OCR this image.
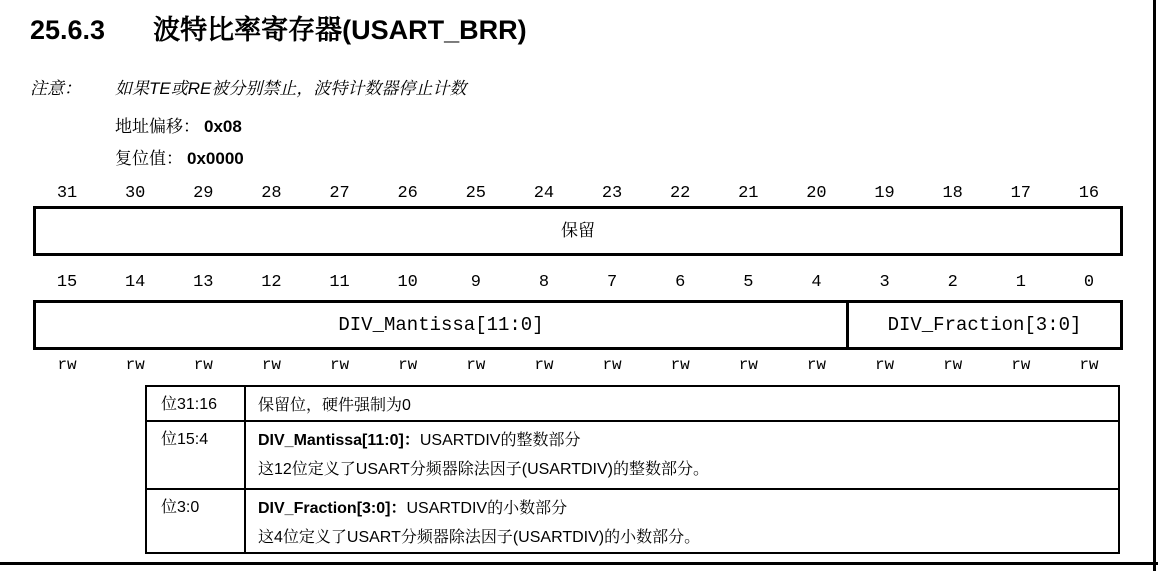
25.6.3 波特比率寄存器(USART_BRR)
注意： 如果TE或RE被分别禁止，波特计数器停止计数
地址偏移： 0x08
复位值： 0x0000
31	30	29	28	27	26	25	24	23	22	21	20	19	18	17	16
保留
15	14	13	12	11	10	9	8	7	6	5	4	3	2	1	0
DIV_Mantissa[11:0]	DIV_Fraction[3:0]
rw	rw	rw	rw	rw	rw	rw	rw	rw	rw	rw	rw	rw	rw	rw	rw
位31:16	保留位，硬件强制为0
位15:4	DIV_Mantissa[11:0]：USARTDIV的整数部分
这12位定义了USART分频器除法因子(USARTDIV)的整数部分。
位3:0	DIV_Fraction[3:0]：USARTDIV的小数部分
这4位定义了USART分频器除法因子(USARTDIV)的小数部分。
